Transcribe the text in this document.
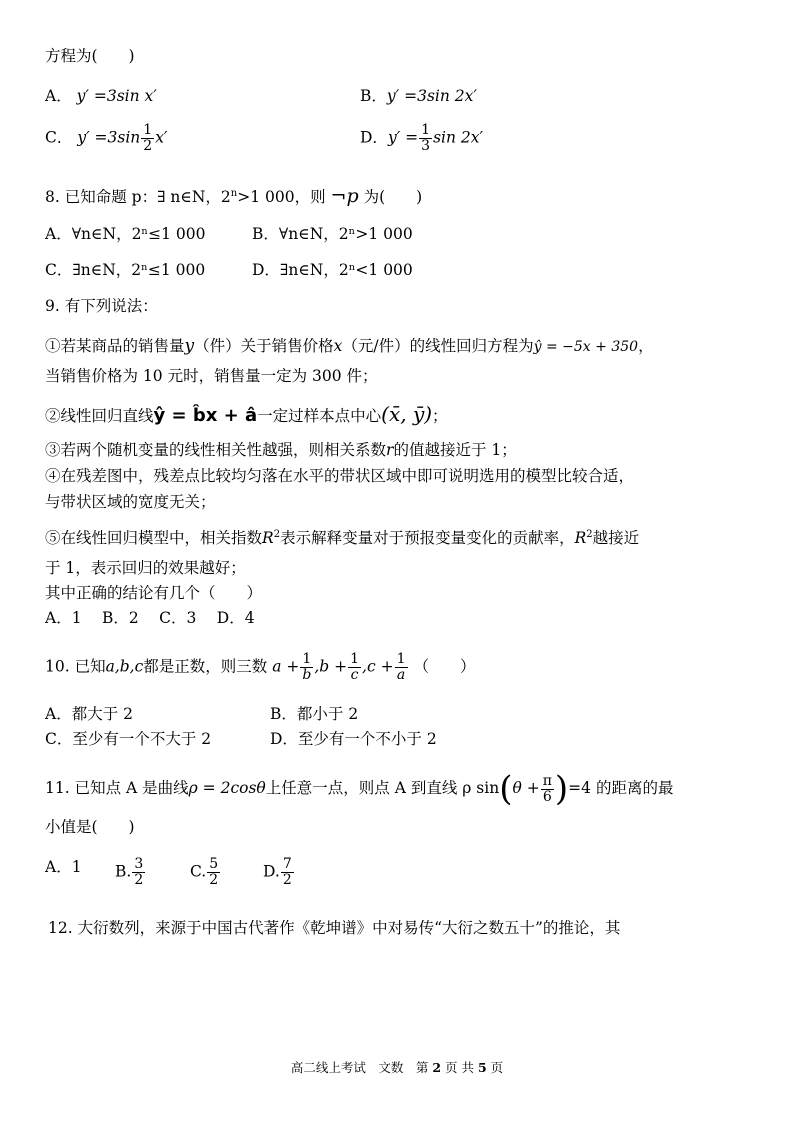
方程为(　　)
A． y′ =3sin x′	B．y′ =3sin 2x′
C． $y' =3\sin \frac{1}{2} x'$	D．$y' = \frac{1}{3}$ sin 2x′
8. 已知命题 p：∃ n∈N，$2^n>1$ 000，则 ¬p 为(　　)
A．∀n∈N，2ⁿ≤1 000	B．∀n∈N，2ⁿ>1 000
C．∃n∈N，2ⁿ≤1 000	D．∃n∈N，2ⁿ<1 000
9. 有下列说法：
①若某商品的销售量y（件）关于销售价格x（元/件）的线性回归方程为ŷ = −5x + 350，
当销售价格为 10 元时，销售量一定为 300 件；
②线性回归直线ŷ = b̂x + â一定过样本点中心(x̄, ȳ)；
③若两个随机变量的线性相关性越强，则相关系数r的值越接近于 1；
④在残差图中，残差点比较均匀落在水平的带状区域中即可说明选用的模型比较合适，
与带状区域的宽度无关；
⑤在线性回归模型中，相关指数$R^2$表示解释变量对于预报变量变化的贡献率，$R^2$越接近
于 1，表示回归的效果越好；
其中正确的结论有几个（　　）
A．1　 B．2　 C．3　 D．4
10. 已知a,b,c都是正数，则三数 $a + \frac{1}{b} ,b + \frac{1}{c} ,c + \frac{1}{a}$ （　　）
A．都大于 2	B．都小于 2
C．至少有一个不大于 2	D．至少有一个不小于 2
11. 已知点 A 是曲线ρ = 2cosθ上任意一点，则点 A 到直线 ρ $\sin(\theta + \frac{\pi}{6} )=4$ 的距离的最
小值是(　　)
A．1 B. $\frac{3}{2}$	C. $\frac{5}{2}$	D. $\frac{7}{2}$
12. 大衍数列，来源于中国古代著作《乾坤谱》中对易传“大衍之数五十”的推论，其
高二线上考试　文数　第 2 页 共 5 页
